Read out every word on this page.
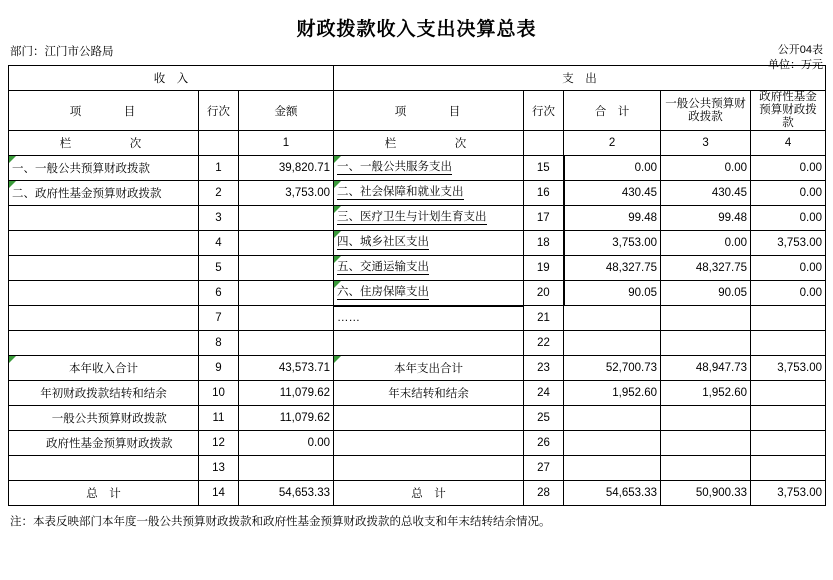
财政拨款收入支出决算总表
公开04表
单位：万元
部门：江门市公路局
收　入			支　出				
项　　　目	行次	金额	项　　　目	行次	合　计	一般公共预算财政拨款	政府性基金预算财政拨款
栏　　　次		1	栏　　　次		2	3	4
一、一般公共预算财政拨款	1	39,820.71	一、一般公共服务支出	15	0.00	0.00	0.00
二、政府性基金预算财政拨款	2	3,753.00	二、社会保障和就业支出	16	430.45	430.45	0.00
	3		三、医疗卫生与计划生育支出	17	99.48	99.48	0.00
	4		四、城乡社区支出	18	3,753.00	0.00	3,753.00
	5		五、交通运输支出	19	48,327.75	48,327.75	0.00
	6		六、住房保障支出	20	90.05	90.05	0.00
	7		……	21			
	8			22			
本年收入合计	9	43,573.71	本年支出合计	23	52,700.73	48,947.73	3,753.00
年初财政拨款结转和结余	10	11,079.62	年末结转和结余	24	1,952.60	1,952.60	
　一般公共预算财政拨款	11	11,079.62		25			
　政府性基金预算财政拨款	12	0.00		26			
	13			27			
总　计	14	54,653.33	总　计	28	54,653.33	50,900.33	3,753.00
注：本表反映部门本年度一般公共预算财政拨款和政府性基金预算财政拨款的总收支和年末结转结余情况。
